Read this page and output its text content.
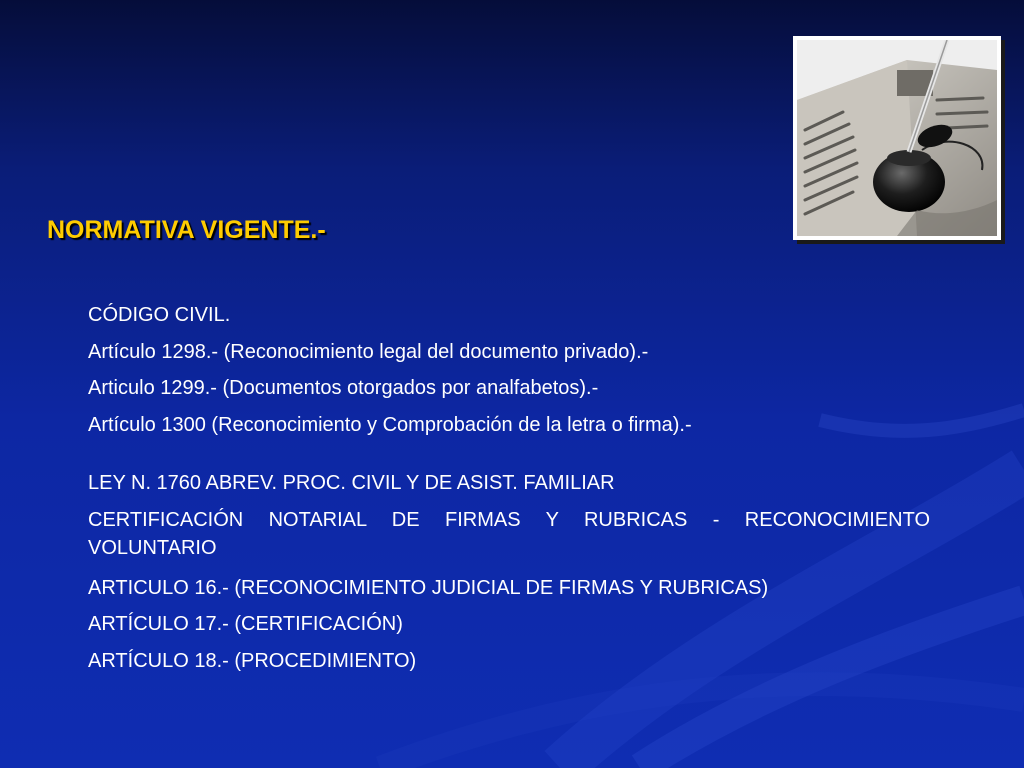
NORMATIVA VIGENTE.-
CÓDIGO CIVIL.
Artículo 1298.- (Reconocimiento legal del documento privado).-
Articulo 1299.- (Documentos otorgados por analfabetos).-
Artículo 1300 (Reconocimiento y Comprobación de la letra o firma).-
LEY N. 1760 ABREV. PROC. CIVIL Y DE ASIST. FAMILIAR
CERTIFICACIÓN NOTARIAL DE FIRMAS Y RUBRICAS - RECONOCIMIENTO
VOLUNTARIO
ARTICULO 16.- (RECONOCIMIENTO JUDICIAL DE FIRMAS Y RUBRICAS)
ARTÍCULO 17.- (CERTIFICACIÓN)
ARTÍCULO 18.- (PROCEDIMIENTO)
